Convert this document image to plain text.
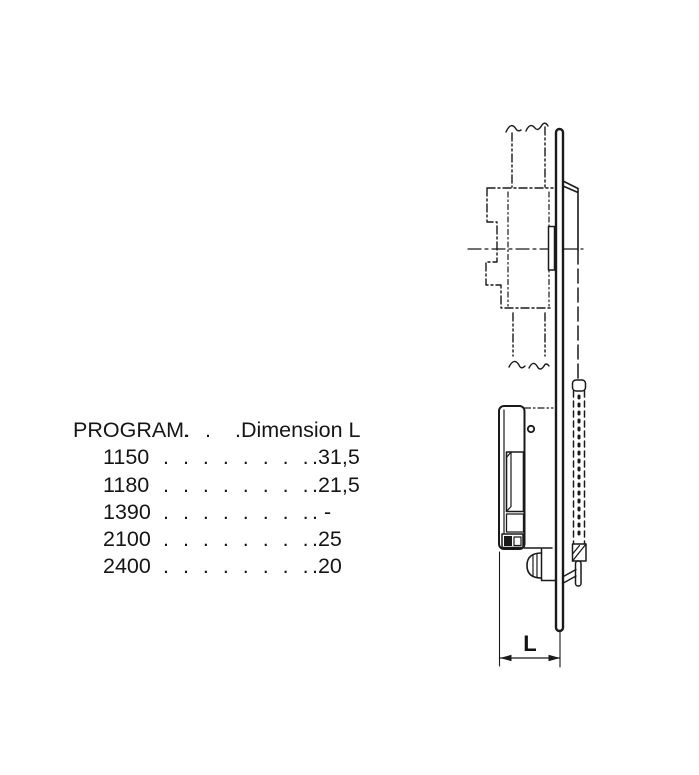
PROGRAM.
. . .Dimension L
1150 . . . . . . . . .31,5
1180 . . . . . . . . .21,5
1390 . . . . . . . . . -
2100 . . . . . . . . .25
2400 . . . . . . . . .20
L
